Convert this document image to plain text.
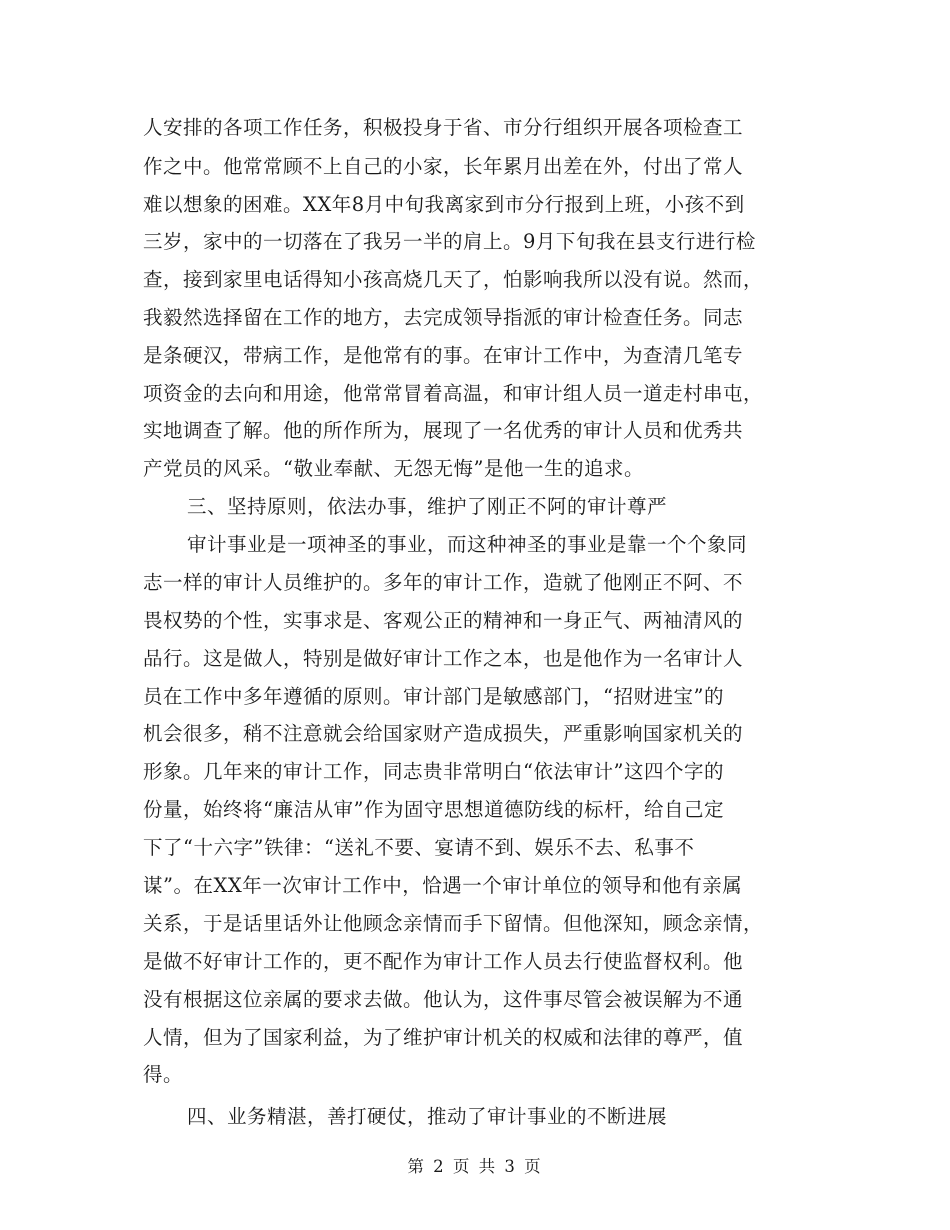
人安排的各项工作任务，积极投身于省、市分行组织开展各项检查工
作之中。他常常顾不上自己的小家，长年累月出差在外，付出了常人
难以想象的困难。XX年8月中旬我离家到市分行报到上班，小孩不到
三岁，家中的一切落在了我另一半的肩上。9月下旬我在县支行进行检
查，接到家里电话得知小孩高烧几天了，怕影响我所以没有说。然而，
我毅然选择留在工作的地方，去完成领导指派的审计检查任务。同志
是条硬汉，带病工作，是他常有的事。在审计工作中，为查清几笔专
项资金的去向和用途，他常常冒着高温，和审计组人员一道走村串屯，
实地调查了解。他的所作所为，展现了一名优秀的审计人员和优秀共
产党员的风采。“敬业奉献、无怨无悔”是他一生的追求。
三、坚持原则，依法办事，维护了刚正不阿的审计尊严
审计事业是一项神圣的事业，而这种神圣的事业是靠一个个象同
志一样的审计人员维护的。多年的审计工作，造就了他刚正不阿、不
畏权势的个性，实事求是、客观公正的精神和一身正气、两袖清风的
品行。这是做人，特别是做好审计工作之本，也是他作为一名审计人
员在工作中多年遵循的原则。审计部门是敏感部门，“招财进宝”的
机会很多，稍不注意就会给国家财产造成损失，严重影响国家机关的
形象。几年来的审计工作，同志贵非常明白“依法审计”这四个字的
份量，始终将“廉洁从审”作为固守思想道德防线的标杆，给自己定
下了“十六字”铁律：“送礼不要、宴请不到、娱乐不去、私事不
谋”。在XX年一次审计工作中，恰遇一个审计单位的领导和他有亲属
关系，于是话里话外让他顾念亲情而手下留情。但他深知，顾念亲情，
是做不好审计工作的，更不配作为审计工作人员去行使监督权利。他
没有根据这位亲属的要求去做。他认为，这件事尽管会被误解为不通
人情，但为了国家利益，为了维护审计机关的权威和法律的尊严，值
得。
四、业务精湛，善打硬仗，推动了审计事业的不断进展
第 2 页 共 3 页
